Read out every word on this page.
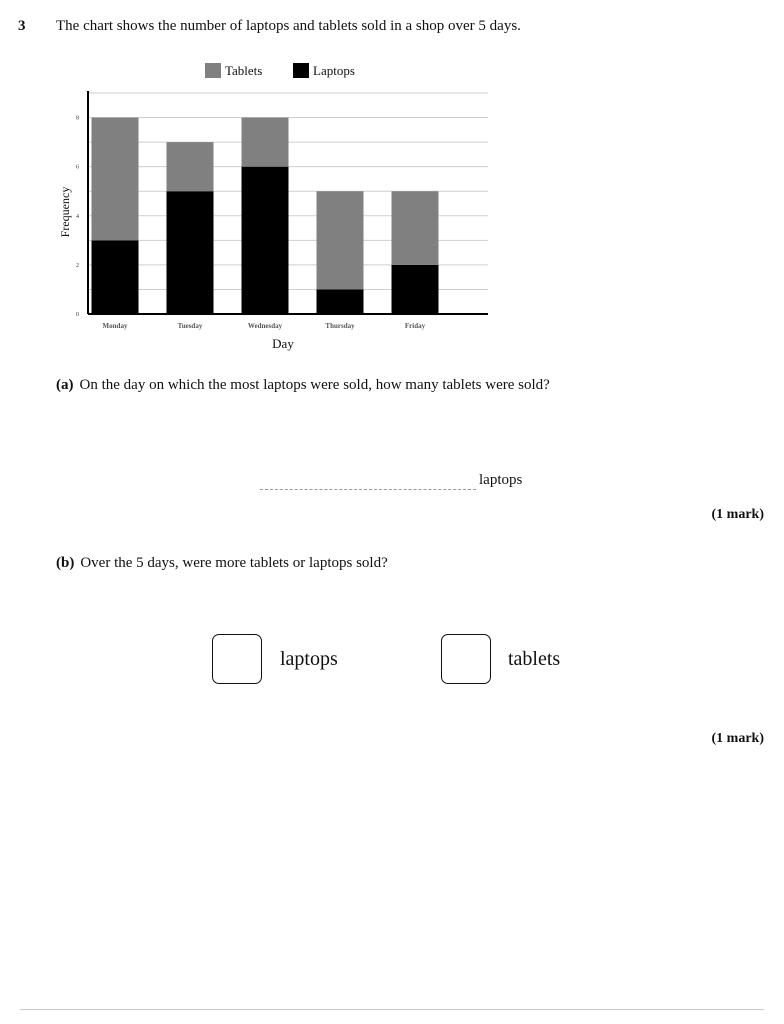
3 The chart shows the number of laptops and tablets sold in a shop over 5 days.
Tablets	Laptops
0
2
4
6
8
Monday	Tuesday	Wednesday	Thursday	Friday
Day
Frequency
(a) On the day on which the most laptops were sold, how many tablets were sold?
laptops
(1 mark)
(b) Over the 5 days, were more tablets or laptops sold?
laptops	tablets
(1 mark)
